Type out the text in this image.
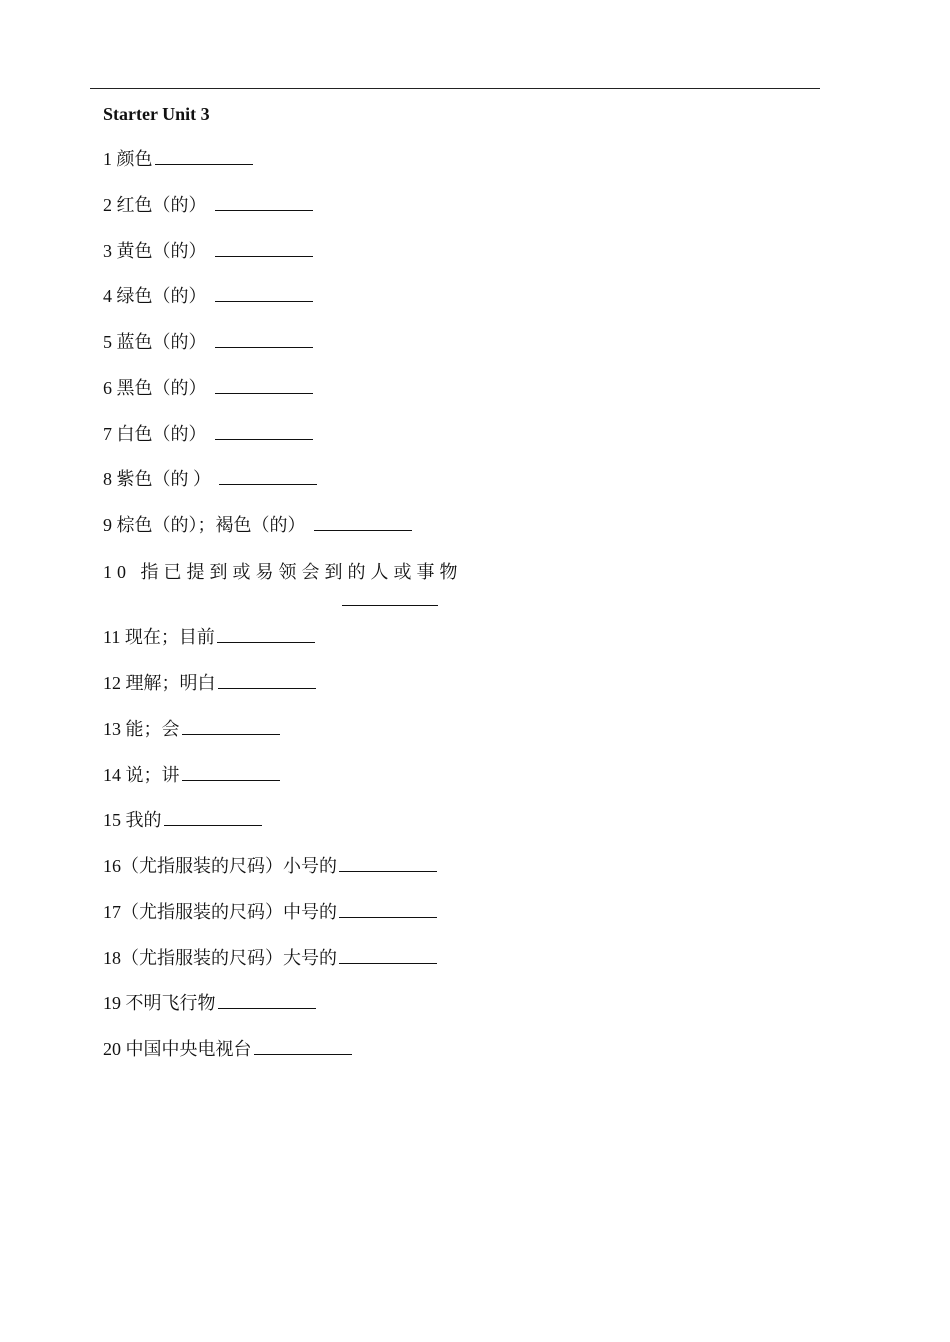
Starter Unit 3
1 颜色
2 红色（的）
3 黄色（的）
4 绿色（的）
5 蓝色（的）
6 黑色（的）
7 白色（的）
8 紫色（的 ）
9 棕色（的）；褐色（的）
10 指已提到或易领会到的人或事物
11 现在；目前
12 理解；明白
13 能；会
14 说；讲
15 我的
16（尤指服装的尺码）小号的
17（尤指服装的尺码）中号的
18（尤指服装的尺码）大号的
19 不明飞行物
20 中国中央电视台
